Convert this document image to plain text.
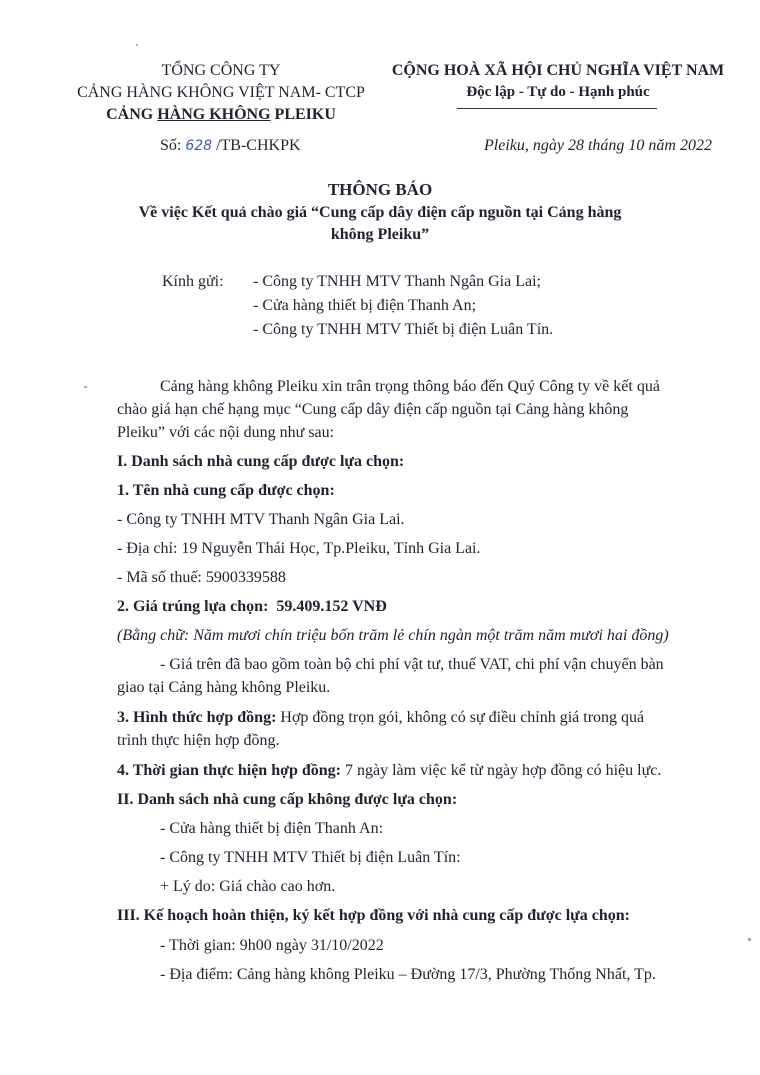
TỔNG CÔNG TY
CẢNG HÀNG KHÔNG VIỆT NAM- CTCP
CẢNG HÀNG KHÔNG PLEIKU
CỘNG HOÀ XÃ HỘI CHỦ NGHĨA VIỆT NAM
Độc lập - Tự do - Hạnh phúc
Số: 628 /TB-CHKPK	Pleiku, ngày 28 tháng 10 năm 2022
THÔNG BÁO
Về việc Kết quả chào giá “Cung cấp dây điện cấp nguồn tại Cảng hàng
không Pleiku”
Kính gửi: - Công ty TNHH MTV Thanh Ngân Gia Lai;
- Cửa hàng thiết bị điện Thanh An;
- Công ty TNHH MTV Thiết bị điện Luân Tín.
Cảng hàng không Pleiku xin trân trọng thông báo đến Quý Công ty về kết quả
chào giá hạn chế hạng mục “Cung cấp dây điện cấp nguồn tại Cảng hàng không
Pleiku” với các nội dung như sau:
I. Danh sách nhà cung cấp được lựa chọn:
1. Tên nhà cung cấp được chọn:
- Công ty TNHH MTV Thanh Ngân Gia Lai.
- Địa chỉ: 19 Nguyễn Thái Học, Tp.Pleiku, Tỉnh Gia Lai.
- Mã số thuế: 5900339588
2. Giá trúng lựa chọn: 59.409.152 VNĐ
(Bằng chữ: Năm mươi chín triệu bốn trăm lẻ chín ngàn một trăm năm mươi hai đồng)
- Giá trên đã bao gồm toàn bộ chi phí vật tư, thuế VAT, chi phí vận chuyển bàn
giao tại Cảng hàng không Pleiku.
3. Hình thức hợp đồng: Hợp đồng trọn gói, không có sự điều chỉnh giá trong quá
trình thực hiện hợp đồng.
4. Thời gian thực hiện hợp đồng: 7 ngày làm việc kể từ ngày hợp đồng có hiệu lực.
II. Danh sách nhà cung cấp không được lựa chọn:
- Cửa hàng thiết bị điện Thanh An:
- Công ty TNHH MTV Thiết bị điện Luân Tín:
+ Lý do: Giá chào cao hơn.
III. Kế hoạch hoàn thiện, ký kết hợp đồng với nhà cung cấp được lựa chọn:
- Thời gian: 9h00 ngày 31/10/2022
- Địa điểm: Cảng hàng không Pleiku – Đường 17/3, Phường Thống Nhất, Tp.
